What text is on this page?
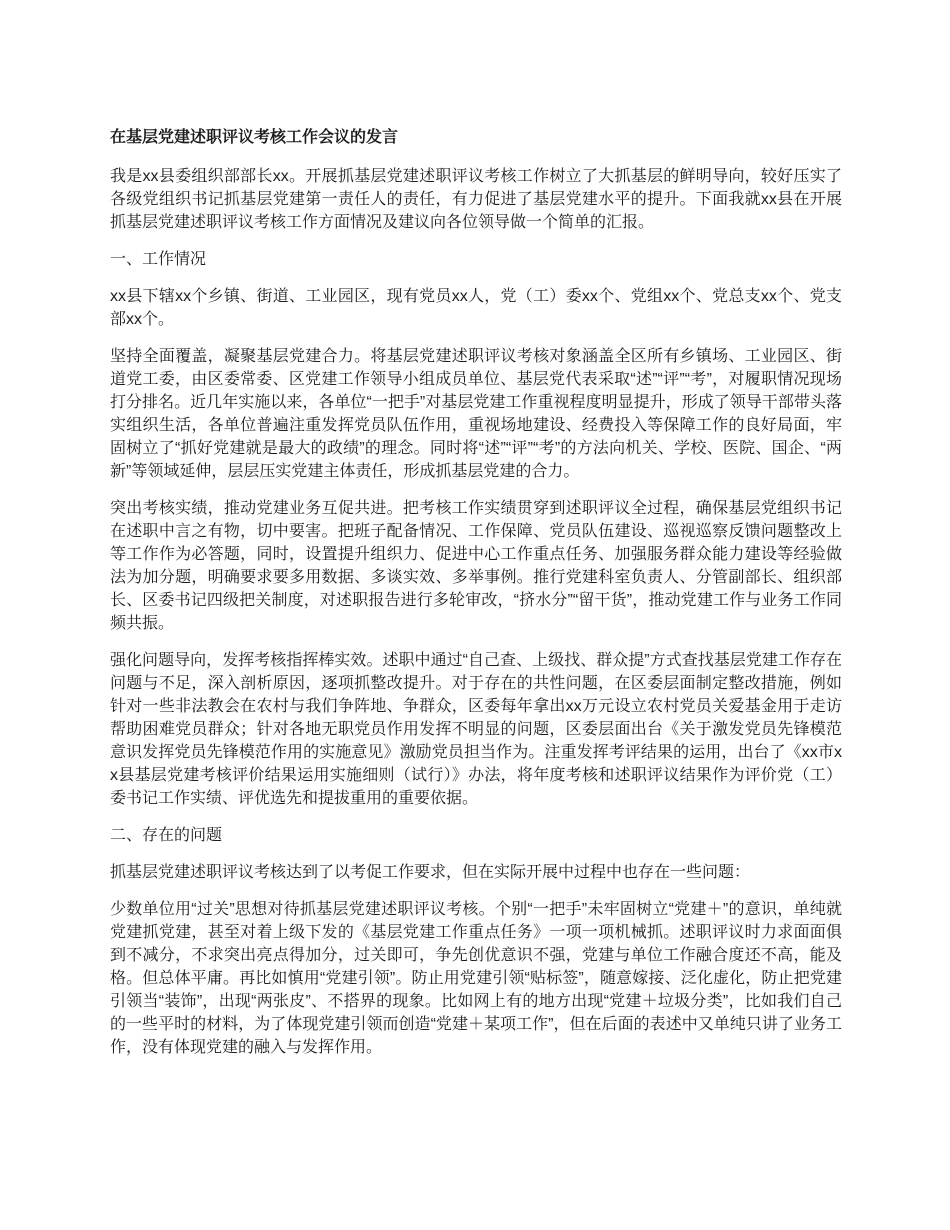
在基层党建述职评议考核工作会议的发言

我是xx县委组织部部长xx。开展抓基层党建述职评议考核工作树立了大抓基层的鲜明导向，较好压实了各级党组织书记抓基层党建第一责任人的责任，有力促进了基层党建水平的提升。下面我就xx县在开展抓基层党建述职评议考核工作方面情况及建议向各位领导做一个简单的汇报。

一、工作情况

xx县下辖xx个乡镇、街道、工业园区，现有党员xx人，党（工）委xx个、党组xx个、党总支xx个、党支部xx个。

坚持全面覆盖，凝聚基层党建合力。将基层党建述职评议考核对象涵盖全区所有乡镇场、工业园区、街道党工委，由区委常委、区党建工作领导小组成员单位、基层党代表采取“述”“评”“考”，对履职情况现场打分排名。近几年实施以来，各单位“一把手”对基层党建工作重视程度明显提升，形成了领导干部带头落实组织生活，各单位普遍注重发挥党员队伍作用，重视场地建设、经费投入等保障工作的良好局面，牢固树立了“抓好党建就是最大的政绩”的理念。同时将“述”“评”“考”的方法向机关、学校、医院、国企、“两新”等领域延伸，层层压实党建主体责任，形成抓基层党建的合力。

突出考核实绩，推动党建业务互促共进。把考核工作实绩贯穿到述职评议全过程，确保基层党组织书记在述职中言之有物，切中要害。把班子配备情况、工作保障、党员队伍建设、巡视巡察反馈问题整改上等工作作为必答题，同时，设置提升组织力、促进中心工作重点任务、加强服务群众能力建设等经验做法为加分题，明确要求要多用数据、多谈实效、多举事例。推行党建科室负责人、分管副部长、组织部长、区委书记四级把关制度，对述职报告进行多轮审改，“挤水分”“留干货”，推动党建工作与业务工作同频共振。

强化问题导向，发挥考核指挥棒实效。述职中通过“自己查、上级找、群众提”方式查找基层党建工作存在问题与不足，深入剖析原因，逐项抓整改提升。对于存在的共性问题，在区委层面制定整改措施，例如针对一些非法教会在农村与我们争阵地、争群众，区委每年拿出xx万元设立农村党员关爱基金用于走访帮助困难党员群众；针对各地无职党员作用发挥不明显的问题，区委层面出台《关于激发党员先锋模范意识发挥党员先锋模范作用的实施意见》激励党员担当作为。注重发挥考评结果的运用，出台了《xx市xx县基层党建考核评价结果运用实施细则（试行）》办法，将年度考核和述职评议结果作为评价党（工）委书记工作实绩、评优选先和提拔重用的重要依据。

二、存在的问题

抓基层党建述职评议考核达到了以考促工作要求，但在实际开展中过程中也存在一些问题：

少数单位用“过关”思想对待抓基层党建述职评议考核。个别“一把手”未牢固树立“党建＋”的意识，单纯就党建抓党建，甚至对着上级下发的《基层党建工作重点任务》一项一项机械抓。述职评议时力求面面俱到不减分，不求突出亮点得加分，过关即可，争先创优意识不强，党建与单位工作融合度还不高，能及格。但总体平庸。再比如慎用“党建引领”。防止用党建引领“贴标签”，随意嫁接、泛化虚化，防止把党建引领当“装饰”，出现“两张皮”、不搭界的现象。比如网上有的地方出现“党建＋垃圾分类”，比如我们自己的一些平时的材料，为了体现党建引领而创造“党建＋某项工作”，但在后面的表述中又单纯只讲了业务工作，没有体现党建的融入与发挥作用。
